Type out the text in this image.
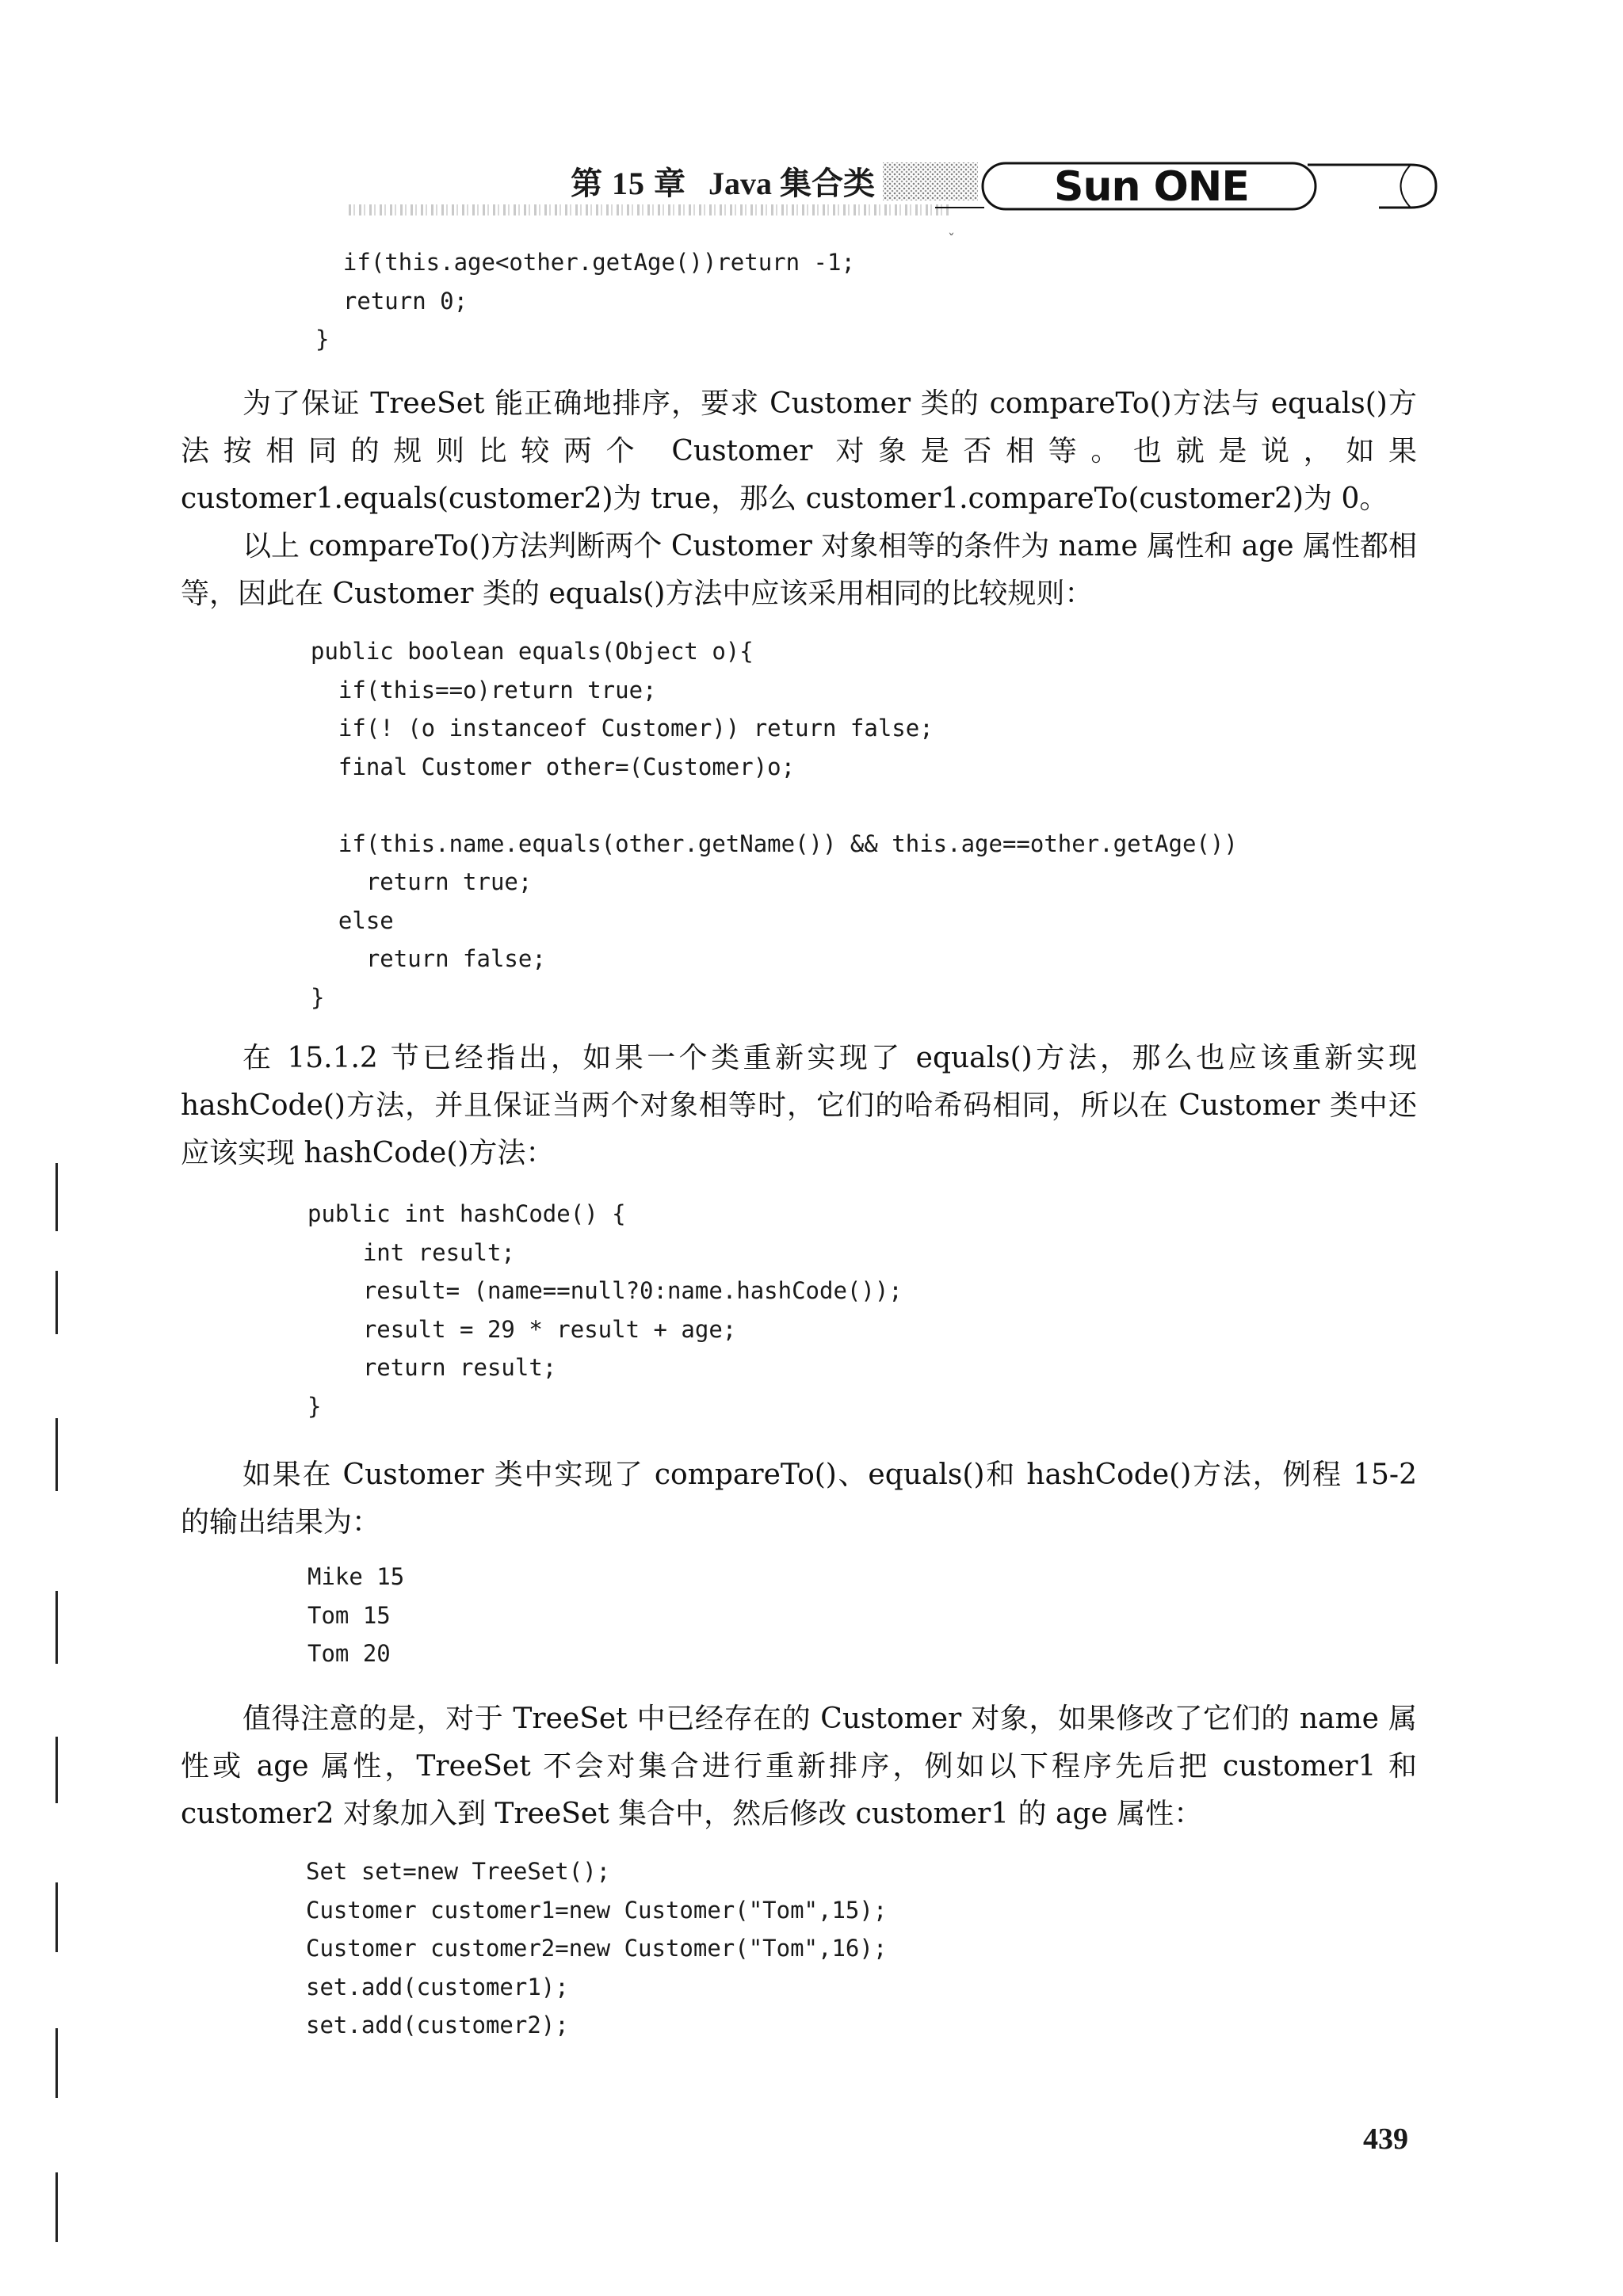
第 15 章 Java 集合类	Sun ONE
ˇ
if(this.age<other.getAge())return -1;
return 0;
}

为了保证 TreeSet 能正确地排序，要求 Customer 类的 compareTo()方法与 equals()方法按相同的规则比较两个 Customer 对象是否相等。也就是说，如果 customer1.equals(customer2)为 true，那么 customer1.compareTo(customer2)为 0。

以上 compareTo()方法判断两个 Customer 对象相等的条件为 name 属性和 age 属性都相等，因此在 Customer 类的 equals()方法中应该采用相同的比较规则：

public boolean equals(Object o){
if(this==o)return true;
if(! (o instanceof Customer)) return false;
final Customer other=(Customer)o;

if(this.name.equals(other.getName()) && this.age==other.getAge())
return true;
else
return false;
}

在 15.1.2 节已经指出，如果一个类重新实现了 equals()方法，那么也应该重新实现 hashCode()方法，并且保证当两个对象相等时，它们的哈希码相同，所以在 Customer 类中还应该实现 hashCode()方法：

public int hashCode() {
int result;
result= (name==null?0:name.hashCode());
result = 29 * result + age;
return result;
}

如果在 Customer 类中实现了 compareTo()、equals()和 hashCode()方法，例程 15-2 的输出结果为：

Mike 15
Tom 15
Tom 20

值得注意的是，对于 TreeSet 中已经存在的 Customer 对象，如果修改了它们的 name 属性或 age 属性，TreeSet 不会对集合进行重新排序，例如以下程序先后把 customer1 和 customer2 对象加入到 TreeSet 集合中，然后修改 customer1 的 age 属性：

Set set=new TreeSet();
Customer customer1=new Customer("Tom",15);
Customer customer2=new Customer("Tom",16);
set.add(customer1);
set.add(customer2);
439
